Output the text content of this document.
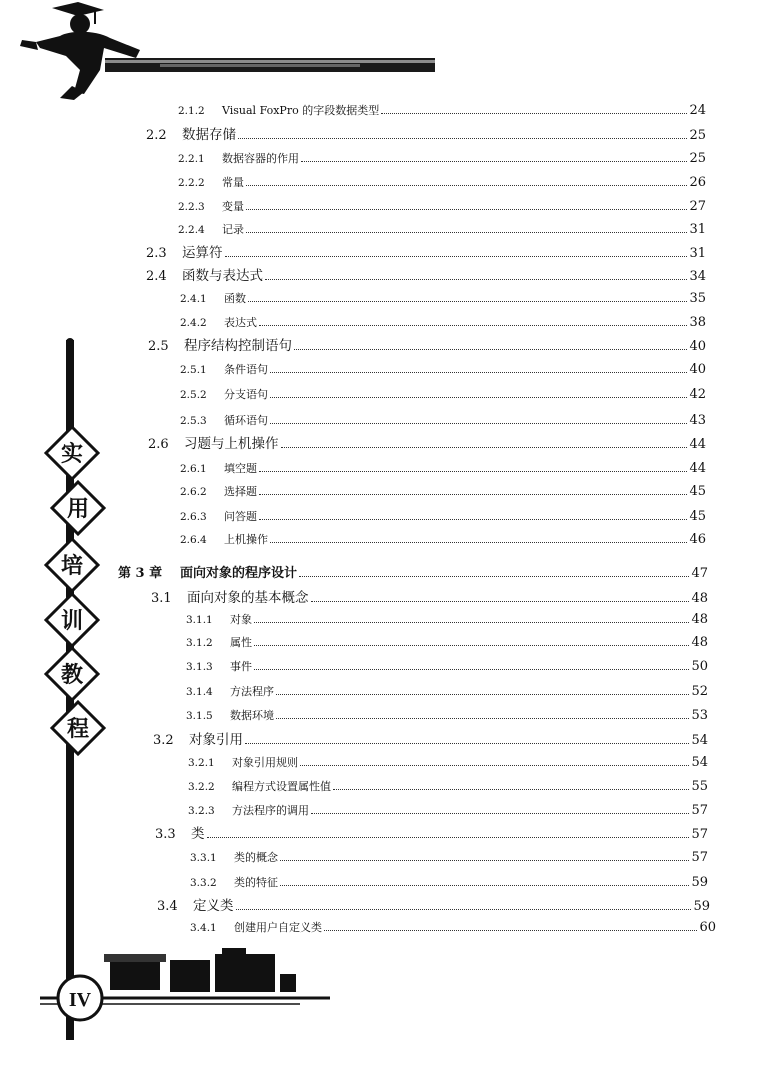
实
用
培
训
教
程
IV
2.1.2	Visual FoxPro 的字段数据类型	24
2.2 数据存储	25
2.2.1	数据容器的作用	25
2.2.2	常量	26
2.2.3	变量	27
2.2.4	记录	31
2.3 运算符	31
2.4 函数与表达式	34
2.4.1	函数	35
2.4.2	表达式	38
2.5 程序结构控制语句	40
2.5.1	条件语句	40
2.5.2	分支语句	42
2.5.3	循环语句	43
2.6 习题与上机操作	44
2.6.1	填空题	44
2.6.2	选择题	45
2.6.3	问答题	45
2.6.4	上机操作	46
第 3 章	面向对象的程序设计	47
3.1 面向对象的基本概念	48
3.1.1	对象	48
3.1.2	属性	48
3.1.3	事件	50
3.1.4	方法程序	52
3.1.5	数据环境	53
3.2 对象引用	54
3.2.1	对象引用规则	54
3.2.2	编程方式设置属性值	55
3.2.3	方法程序的调用	57
3.3 类	57
3.3.1	类的概念	57
3.3.2	类的特征	59
3.4 定义类	59
3.4.1	创建用户自定义类	60
